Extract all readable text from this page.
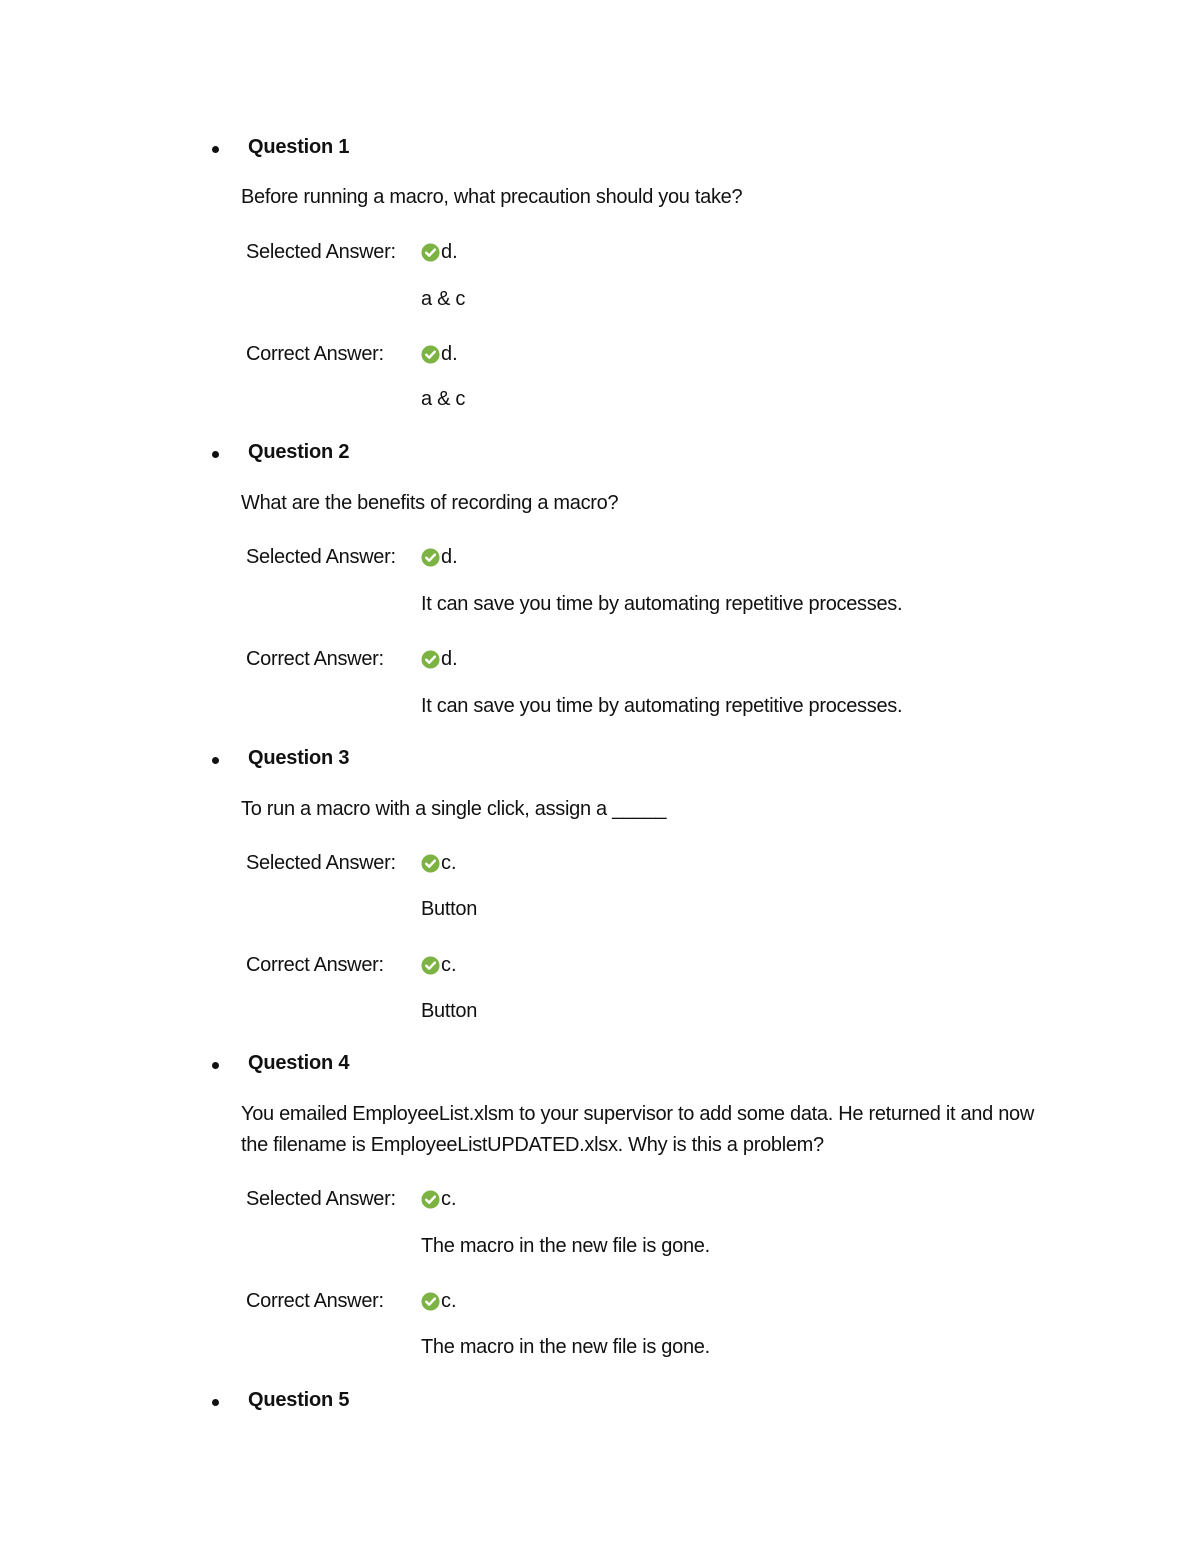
Question 1
Before running a macro, what precaution should you take?
Selected Answer: d.
a & c
Correct Answer:	d.
a & c
Question 2
What are the benefits of recording a macro?
Selected Answer: d.
It can save you time by automating repetitive processes.
Correct Answer:	d.
It can save you time by automating repetitive processes.
Question 3
To run a macro with a single click, assign a _____
Selected Answer: c.
Button
Correct Answer:	c.
Button
Question 4
You emailed EmployeeList.xlsm to your supervisor to add some data. He returned it and now the filename is EmployeeListUPDATED.xlsx. Why is this a problem?
Selected Answer: c.
The macro in the new file is gone.
Correct Answer:	c.
The macro in the new file is gone.
Question 5
